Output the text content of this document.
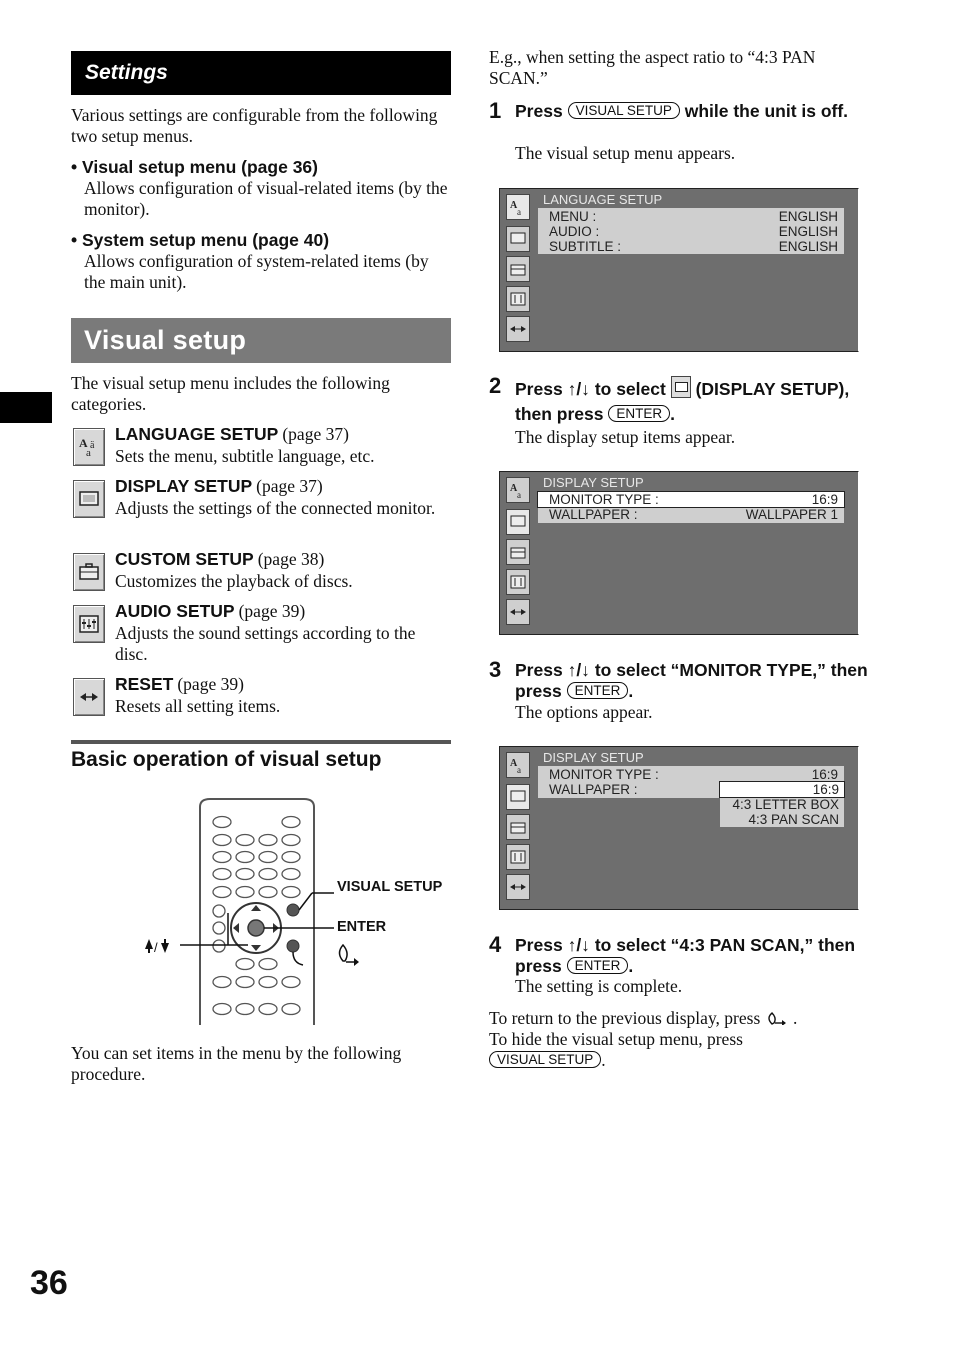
Settings
Various settings are configurable from the following two setup menus.
• Visual setup menu (page 36)
Allows configuration of visual-related items (by the monitor).
• System setup menu (page 40)
Allows configuration of system-related items (by the main unit).
Visual setup
The visual setup menu includes the following categories.
A
a
ä
LANGUAGE SETUP (page 37)
Sets the menu, subtitle language, etc.
DISPLAY SETUP (page 37)
Adjusts the settings of the connected monitor.
CUSTOM SETUP (page 38)
Customizes the playback of discs.
AUDIO SETUP (page 39)
Adjusts the sound settings according to the disc.
RESET (page 39)
Resets all setting items.
Basic operation of visual setup
/
VISUAL SETUP
ENTER
You can set items in the menu by the following procedure.
E.g., when setting the aspect ratio to “4:3 PAN SCAN.”
1 Press VISUAL SETUP while the unit is off.
The visual setup menu appears.
A
a
LANGUAGE SETUP
MENU :	ENGLISH
AUDIO :	ENGLISH
SUBTITLE :	ENGLISH
2 Press ↑/↓ to select (DISPLAY SETUP), then press ENTER .
The display setup items appear.
A
a
DISPLAY SETUP
MONITOR TYPE :	16:9
WALLPAPER :	WALLPAPER 1
3 Press ↑/↓ to select “MONITOR TYPE,” then press ENTER .
The options appear.
A
a
DISPLAY SETUP
MONITOR TYPE :	16:9
WALLPAPER :	16:9
4:3 LETTER BOX
4:3 PAN SCAN
4 Press ↑/↓ to select “4:3 PAN SCAN,” then press ENTER .
The setting is complete.
To return to the previous display, press .
To hide the visual setup menu, press
VISUAL SETUP .
36
